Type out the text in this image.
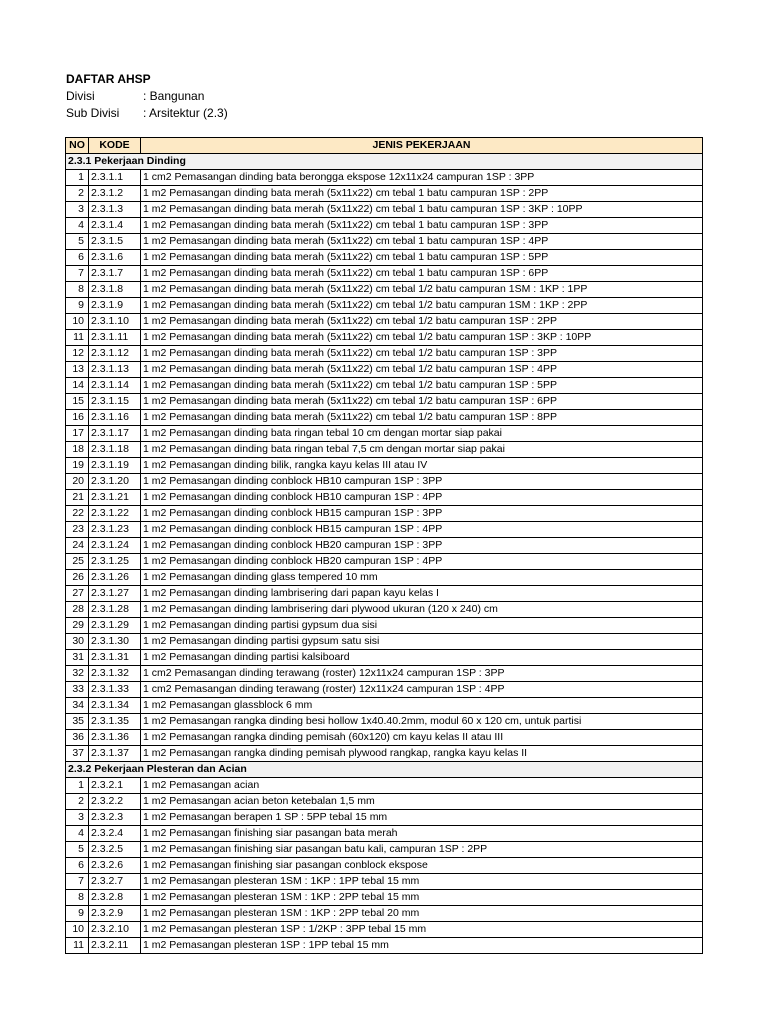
DAFTAR AHSP
Divisi	: Bangunan
Sub Divisi	: Arsitektur (2.3)
NO	KODE	JENIS PEKERJAAN
2.3.1 Pekerjaan Dinding		
1	2.3.1.1	1 cm2 Pemasangan dinding bata berongga ekspose 12x11x24 campuran 1SP : 3PP
2	2.3.1.2	1 m2 Pemasangan dinding bata merah (5x11x22) cm tebal 1 batu campuran 1SP : 2PP
3	2.3.1.3	1 m2 Pemasangan dinding bata merah (5x11x22) cm tebal 1 batu campuran 1SP : 3KP : 10PP
4	2.3.1.4	1 m2 Pemasangan dinding bata merah (5x11x22) cm tebal 1 batu campuran 1SP : 3PP
5	2.3.1.5	1 m2 Pemasangan dinding bata merah (5x11x22) cm tebal 1 batu campuran 1SP : 4PP
6	2.3.1.6	1 m2 Pemasangan dinding bata merah (5x11x22) cm tebal 1 batu campuran 1SP : 5PP
7	2.3.1.7	1 m2 Pemasangan dinding bata merah (5x11x22) cm tebal 1 batu campuran 1SP : 6PP
8	2.3.1.8	1 m2 Pemasangan dinding bata merah (5x11x22) cm tebal 1/2 batu campuran 1SM : 1KP : 1PP
9	2.3.1.9	1 m2 Pemasangan dinding bata merah (5x11x22) cm tebal 1/2 batu campuran 1SM : 1KP : 2PP
10	2.3.1.10	1 m2 Pemasangan dinding bata merah (5x11x22) cm tebal 1/2 batu campuran 1SP : 2PP
11	2.3.1.11	1 m2 Pemasangan dinding bata merah (5x11x22) cm tebal 1/2 batu campuran 1SP : 3KP : 10PP
12	2.3.1.12	1 m2 Pemasangan dinding bata merah (5x11x22) cm tebal 1/2 batu campuran 1SP : 3PP
13	2.3.1.13	1 m2 Pemasangan dinding bata merah (5x11x22) cm tebal 1/2 batu campuran 1SP : 4PP
14	2.3.1.14	1 m2 Pemasangan dinding bata merah (5x11x22) cm tebal 1/2 batu campuran 1SP : 5PP
15	2.3.1.15	1 m2 Pemasangan dinding bata merah (5x11x22) cm tebal 1/2 batu campuran 1SP : 6PP
16	2.3.1.16	1 m2 Pemasangan dinding bata merah (5x11x22) cm tebal 1/2 batu campuran 1SP : 8PP
17	2.3.1.17	1 m2 Pemasangan dinding bata ringan tebal 10 cm dengan mortar siap pakai
18	2.3.1.18	1 m2 Pemasangan dinding bata ringan tebal 7,5 cm dengan mortar siap pakai
19	2.3.1.19	1 m2 Pemasangan dinding bilik, rangka kayu kelas III atau IV
20	2.3.1.20	1 m2 Pemasangan dinding conblock HB10 campuran 1SP : 3PP
21	2.3.1.21	1 m2 Pemasangan dinding conblock HB10 campuran 1SP : 4PP
22	2.3.1.22	1 m2 Pemasangan dinding conblock HB15 campuran 1SP : 3PP
23	2.3.1.23	1 m2 Pemasangan dinding conblock HB15 campuran 1SP : 4PP
24	2.3.1.24	1 m2 Pemasangan dinding conblock HB20 campuran 1SP : 3PP
25	2.3.1.25	1 m2 Pemasangan dinding conblock HB20 campuran 1SP : 4PP
26	2.3.1.26	1 m2 Pemasangan dinding glass tempered 10 mm
27	2.3.1.27	1 m2 Pemasangan dinding lambrisering dari papan kayu kelas I
28	2.3.1.28	1 m2 Pemasangan dinding lambrisering dari plywood ukuran (120 x 240) cm
29	2.3.1.29	1 m2 Pemasangan dinding partisi gypsum dua sisi
30	2.3.1.30	1 m2 Pemasangan dinding partisi gypsum satu sisi
31	2.3.1.31	1 m2 Pemasangan dinding partisi kalsiboard
32	2.3.1.32	1 cm2 Pemasangan dinding terawang (roster) 12x11x24 campuran 1SP : 3PP
33	2.3.1.33	1 cm2 Pemasangan dinding terawang (roster) 12x11x24 campuran 1SP : 4PP
34	2.3.1.34	1 m2 Pemasangan glassblock 6 mm
35	2.3.1.35	1 m2 Pemasangan rangka dinding besi hollow 1x40.40.2mm, modul 60 x 120 cm, untuk partisi
36	2.3.1.36	1 m2 Pemasangan rangka dinding pemisah (60x120) cm kayu kelas II atau III
37	2.3.1.37	1 m2 Pemasangan rangka dinding pemisah plywood rangkap, rangka kayu kelas II
2.3.2 Pekerjaan Plesteran dan Acian		
1	2.3.2.1	1 m2 Pemasangan acian
2	2.3.2.2	1 m2 Pemasangan acian beton ketebalan 1,5 mm
3	2.3.2.3	1 m2 Pemasangan berapen 1 SP : 5PP tebal 15 mm
4	2.3.2.4	1 m2 Pemasangan finishing siar pasangan bata merah
5	2.3.2.5	1 m2 Pemasangan finishing siar pasangan batu kali, campuran 1SP : 2PP
6	2.3.2.6	1 m2 Pemasangan finishing siar pasangan conblock ekspose
7	2.3.2.7	1 m2 Pemasangan plesteran 1SM : 1KP : 1PP tebal 15 mm
8	2.3.2.8	1 m2 Pemasangan plesteran 1SM : 1KP : 2PP tebal 15 mm
9	2.3.2.9	1 m2 Pemasangan plesteran 1SM : 1KP : 2PP tebal 20 mm
10	2.3.2.10	1 m2 Pemasangan plesteran 1SP : 1/2KP : 3PP tebal 15 mm
11	2.3.2.11	1 m2 Pemasangan plesteran 1SP : 1PP tebal 15 mm
